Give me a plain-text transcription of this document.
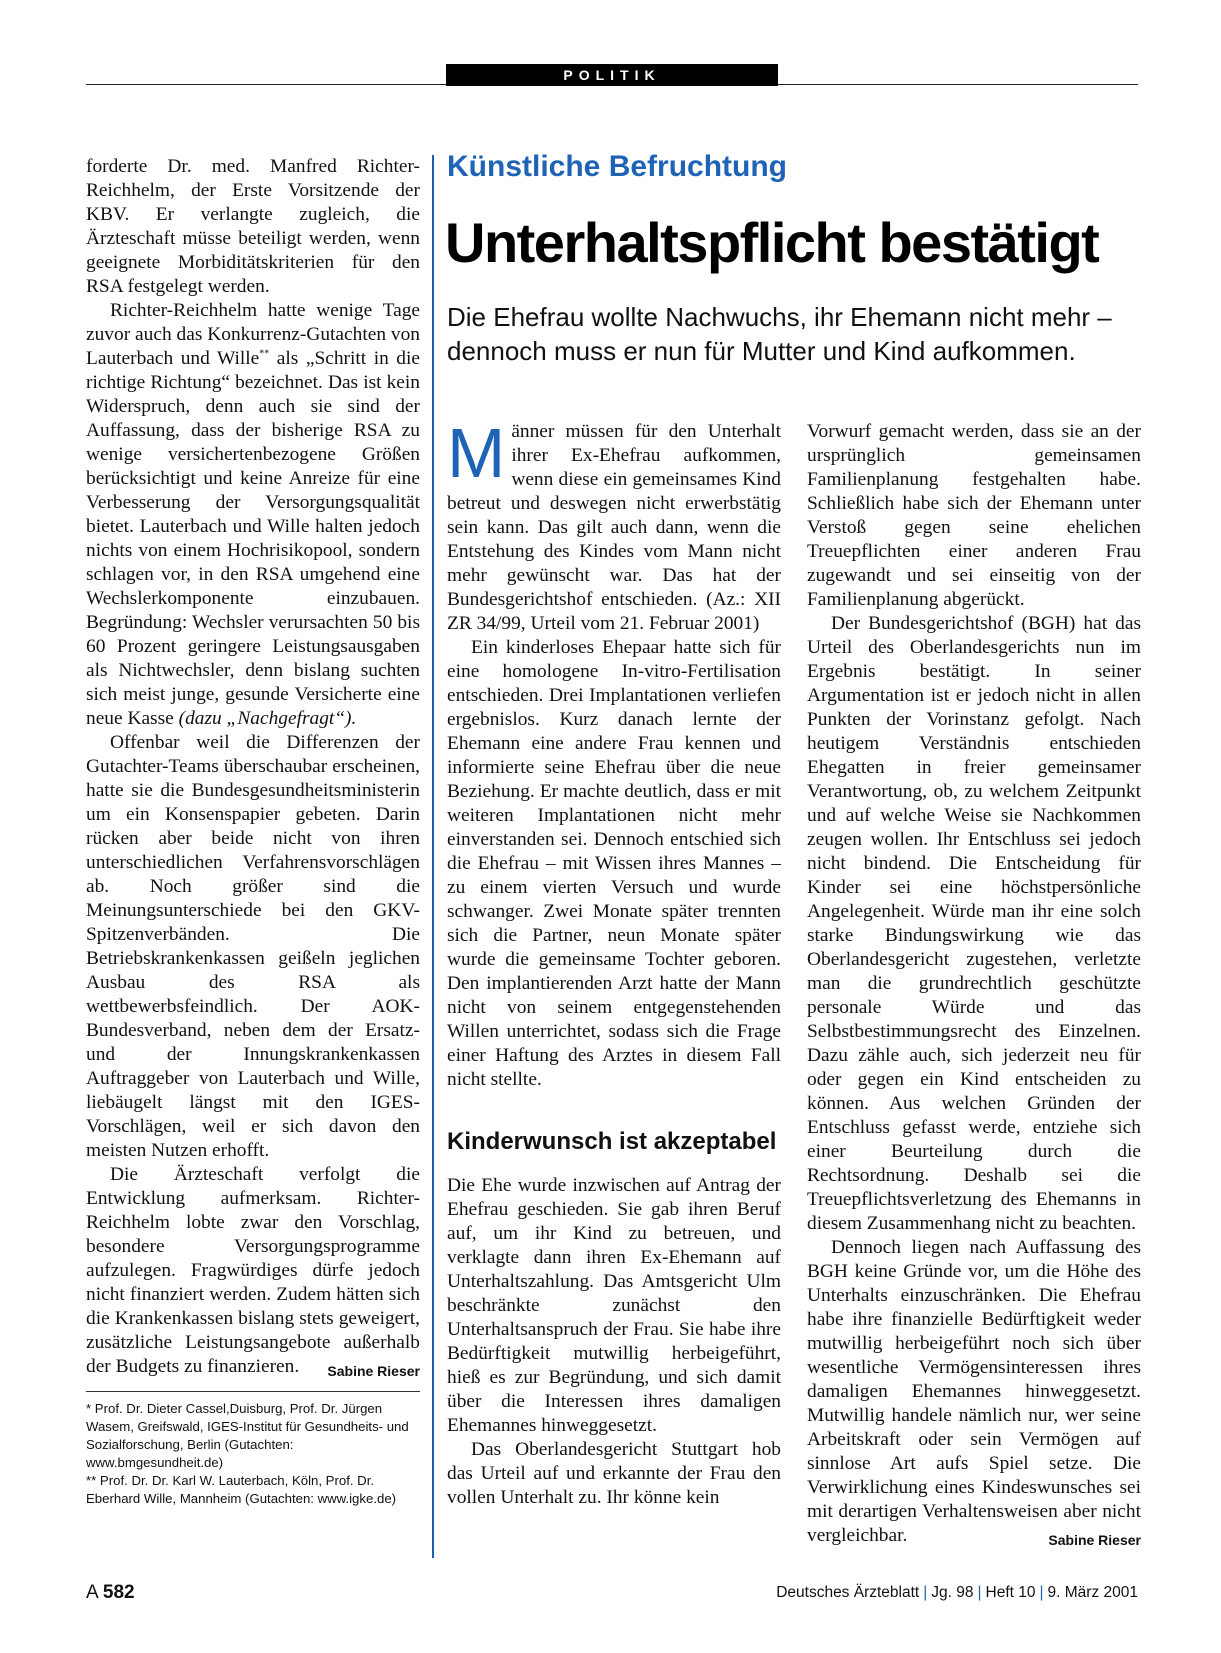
POLITIK

forderte Dr. med. Manfred Richter-Reichhelm, der Erste Vorsitzende der KBV. Er verlangte zugleich, die Ärzteschaft müsse beteiligt werden, wenn geeignete Morbiditätskriterien für den RSA festgelegt werden.

Richter-Reichhelm hatte wenige Tage zuvor auch das Konkurrenz-Gutachten von Lauterbach und Wille** als „Schritt in die richtige Richtung“ bezeichnet. Das ist kein Widerspruch, denn auch sie sind der Auffassung, dass der bisherige RSA zu wenige versichertenbezogene Größen berücksichtigt und keine Anreize für eine Verbesserung der Versorgungsqualität bietet. Lauterbach und Wille halten jedoch nichts von einem Hochrisikopool, sondern schlagen vor, in den RSA umgehend eine Wechslerkomponente einzubauen. Begründung: Wechsler verursachten 50 bis 60 Prozent geringere Leistungsausgaben als Nichtwechsler, denn bislang suchten sich meist junge, gesunde Versicherte eine neue Kasse (dazu „Nachgefragt“).

Offenbar weil die Differenzen der Gutachter-Teams überschaubar erscheinen, hatte sie die Bundesgesundheitsministerin um ein Konsenspapier gebeten. Darin rücken aber beide nicht von ihren unterschiedlichen Verfahrensvorschlägen ab. Noch größer sind die Meinungsunterschiede bei den GKV-Spitzenverbänden. Die Betriebskrankenkassen geißeln jeglichen Ausbau des RSA als wettbewerbsfeindlich. Der AOK-Bundesverband, neben dem der Ersatz- und der Innungskrankenkassen Auftraggeber von Lauterbach und Wille, liebäugelt längst mit den IGES-Vorschlägen, weil er sich davon den meisten Nutzen erhofft.

Die Ärzteschaft verfolgt die Entwicklung aufmerksam. Richter-Reichhelm lobte zwar den Vorschlag, besondere Versorgungsprogramme aufzulegen. Fragwürdiges dürfe jedoch nicht finanziert werden. Zudem hätten sich die Krankenkassen bislang stets geweigert, zusätzliche Leistungsangebote außerhalb der Budgets zu finanzieren.	Sabine Rieser

* Prof. Dr. Dieter Cassel,Duisburg, Prof. Dr. Jürgen Wasem, Greifswald, IGES-Institut für Gesundheits- und Sozialforschung, Berlin (Gutachten: www.bmgesundheit.de)
** Prof. Dr. Dr. Karl W. Lauterbach, Köln, Prof. Dr. Eberhard Wille, Mannheim (Gutachten: www.igke.de)
Künstliche Befruchtung
Unterhaltspflicht bestätigt
Die Ehefrau wollte Nachwuchs, ihr Ehemann nicht mehr – dennoch muss er nun für Mutter und Kind aufkommen.

Männer müssen für den Unterhalt ihrer Ex-Ehefrau aufkommen, wenn diese ein gemeinsames Kind betreut und deswegen nicht erwerbstätig sein kann. Das gilt auch dann, wenn die Entstehung des Kindes vom Mann nicht mehr gewünscht war. Das hat der Bundesgerichtshof entschieden. (Az.: XII ZR 34/99, Urteil vom 21. Februar 2001)

Ein kinderloses Ehepaar hatte sich für eine homologene In-vitro-Fertilisation entschieden. Drei Implantationen verliefen ergebnislos. Kurz danach lernte der Ehemann eine andere Frau kennen und informierte seine Ehefrau über die neue Beziehung. Er machte deutlich, dass er mit weiteren Implantationen nicht mehr einverstanden sei. Dennoch entschied sich die Ehefrau – mit Wissen ihres Mannes – zu einem vierten Versuch und wurde schwanger. Zwei Monate später trennten sich die Partner, neun Monate später wurde die gemeinsame Tochter geboren. Den implantierenden Arzt hatte der Mann nicht von seinem entgegenstehenden Willen unterrichtet, sodass sich die Frage einer Haftung des Arztes in diesem Fall nicht stellte.

Kinderwunsch ist akzeptabel

Die Ehe wurde inzwischen auf Antrag der Ehefrau geschieden. Sie gab ihren Beruf auf, um ihr Kind zu betreuen, und verklagte dann ihren Ex-Ehemann auf Unterhaltszahlung. Das Amtsgericht Ulm beschränkte zunächst den Unterhaltsanspruch der Frau. Sie habe ihre Bedürftigkeit mutwillig herbeigeführt, hieß es zur Begründung, und sich damit über die Interessen ihres damaligen Ehemannes hinweggesetzt.

Das Oberlandesgericht Stuttgart hob das Urteil auf und erkannte der Frau den vollen Unterhalt zu. Ihr könne kein

Vorwurf gemacht werden, dass sie an der ursprünglich gemeinsamen Familienplanung festgehalten habe. Schließlich habe sich der Ehemann unter Verstoß gegen seine ehelichen Treuepflichten einer anderen Frau zugewandt und sei einseitig von der Familienplanung abgerückt.

Der Bundesgerichtshof (BGH) hat das Urteil des Oberlandesgerichts nun im Ergebnis bestätigt. In seiner Argumentation ist er jedoch nicht in allen Punkten der Vorinstanz gefolgt. Nach heutigem Verständnis entschieden Ehegatten in freier gemeinsamer Verantwortung, ob, zu welchem Zeitpunkt und auf welche Weise sie Nachkommen zeugen wollen. Ihr Entschluss sei jedoch nicht bindend. Die Entscheidung für Kinder sei eine höchstpersönliche Angelegenheit. Würde man ihr eine solch starke Bindungswirkung wie das Oberlandesgericht zugestehen, verletzte man die grundrechtlich geschützte personale Würde und das Selbstbestimmungsrecht des Einzelnen. Dazu zähle auch, sich jederzeit neu für oder gegen ein Kind entscheiden zu können. Aus welchen Gründen der Entschluss gefasst werde, entziehe sich einer Beurteilung durch die Rechtsordnung. Deshalb sei die Treuepflichtsverletzung des Ehemanns in diesem Zusammenhang nicht zu beachten.

Dennoch liegen nach Auffassung des BGH keine Gründe vor, um die Höhe des Unterhalts einzuschränken. Die Ehefrau habe ihre finanzielle Bedürftigkeit weder mutwillig herbeigeführt noch sich über wesentliche Vermögensinteressen ihres damaligen Ehemannes hinweggesetzt. Mutwillig handele nämlich nur, wer seine Arbeitskraft oder sein Vermögen auf sinnlose Art aufs Spiel setze. Die Verwirklichung eines Kindeswunsches sei mit derartigen Verhaltensweisen aber nicht vergleichbar.	Sabine Rieser

A 582	Deutsches Ärzteblatt | Jg. 98 | Heft 10 | 9. März 2001
